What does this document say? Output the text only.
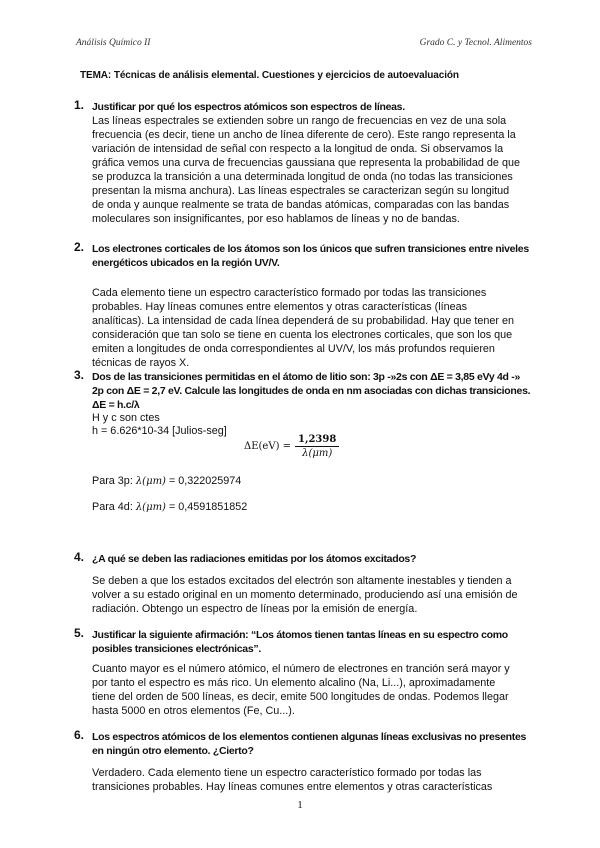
Análisis Químico II	Grado C. y Tecnol. Alimentos
TEMA: Técnicas de análisis elemental. Cuestiones y ejercicios de autoevaluación
1. Justificar por qué los espectros atómicos son espectros de líneas.
Las líneas espectrales se extienden sobre un rango de frecuencias en vez de una sola frecuencia (es decir, tiene un ancho de línea diferente de cero). Este rango representa la variación de intensidad de señal con respecto a la longitud de onda. Si observamos la gráfica vemos una curva de frecuencias gaussiana que representa la probabilidad de que se produzca la transición a una determinada longitud de onda (no todas las transiciones presentan la misma anchura). Las líneas espectrales se caracterizan según su longitud de onda y aunque realmente se trata de bandas atómicas, comparadas con las bandas moleculares son insignificantes, por eso hablamos de líneas y no de bandas.
2. Los electrones corticales de los átomos son los únicos que sufren transiciones entre niveles energéticos ubicados en la región UV/V.
Cada elemento tiene un espectro característico formado por todas las transiciones probables. Hay líneas comunes entre elementos y otras características (líneas analíticas). La intensidad de cada línea dependerá de su probabilidad. Hay que tener en consideración que tan solo se tiene en cuenta los electrones corticales, que son los que emiten a longitudes de onda correspondientes al UV/V, los más profundos requieren técnicas de rayos X.
3. Dos de las transiciones permitidas en el átomo de litio son: 3p -»2s con ΔE = 3,85 eVy 4d -» 2p con ΔE = 2,7 eV. Calcule las longitudes de onda en nm asociadas con dichas transiciones.
ΔE = h.c/λ
H y c son ctes
h = 6.626*10-34 [Julios-seg]
$\Delta E(eV) = \frac{1,2398}{\lambda(\mu m)}$
Para 3p: λ(μm) = 0,322025974
Para 4d: λ(μm) = 0,4591851852
4. ¿A qué se deben las radiaciones emitidas por los átomos excitados?
Se deben a que los estados excitados del electrón son altamente inestables y tienden a volver a su estado original en un momento determinado, produciendo así una emisión de radiación. Obtengo un espectro de líneas por la emisión de energía.
5. Justificar la siguiente afirmación: “Los átomos tienen tantas líneas en su espectro como posibles transiciones electrónicas”.
Cuanto mayor es el número atómico, el número de electrones en tranción será mayor y por tanto el espectro es más rico. Un elemento alcalino (Na, Li...), aproximadamente tiene del orden de 500 líneas, es decir, emite 500 longitudes de ondas. Podemos llegar hasta 5000 en otros elementos (Fe, Cu...).
6. Los espectros atómicos de los elementos contienen algunas líneas exclusivas no presentes en ningún otro elemento. ¿Cierto?
Verdadero. Cada elemento tiene un espectro característico formado por todas las transiciones probables. Hay líneas comunes entre elementos y otras características
1
